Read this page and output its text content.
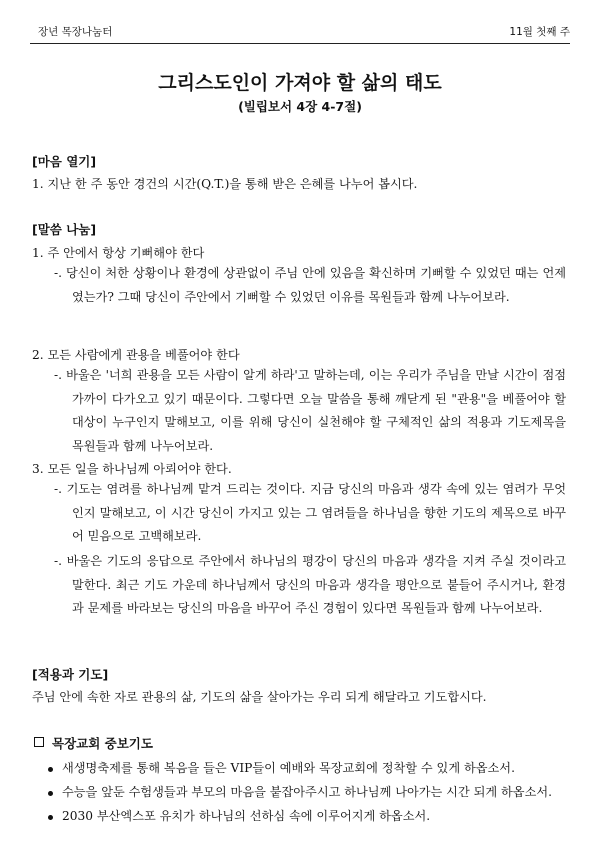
장년 목장나눔터	11월 첫째 주
그리스도인이 가져야 할 삶의 태도
(빌립보서 4장 4-7절)
[마음 열기]
1. 지난 한 주 동안 경건의 시간(Q.T.)을 통해 받은 은혜를 나누어 봅시다.
[말씀 나눔]
1. 주 안에서 항상 기뻐해야 한다
-. 당신이 처한 상황이나 환경에 상관없이 주님 안에 있음을 확신하며 기뻐할 수 있었던 때는 언제였는가? 그때 당신이 주안에서 기뻐할 수 있었던 이유를 목원들과 함께 나누어보라.
2. 모든 사람에게 관용을 베풀어야 한다
-. 바울은 '너희 관용을 모든 사람이 알게 하라'고 말하는데, 이는 우리가 주님을 만날 시간이 점점 가까이 다가오고 있기 때문이다. 그렇다면 오늘 말씀을 통해 깨닫게 된 "관용"을 베풀어야 할 대상이 누구인지 말해보고, 이를 위해 당신이 실천해야 할 구체적인 삶의 적용과 기도제목을 목원들과 함께 나누어보라.
3. 모든 일을 하나님께 아뢰어야 한다.
-. 기도는 염려를 하나님께 맡겨 드리는 것이다. 지금 당신의 마음과 생각 속에 있는 염려가 무엇인지 말해보고, 이 시간 당신이 가지고 있는 그 염려들을 하나님을 향한 기도의 제목으로 바꾸어 믿음으로 고백해보라.
-. 바울은 기도의 응답으로 주안에서 하나님의 평강이 당신의 마음과 생각을 지켜 주실 것이라고 말한다. 최근 기도 가운데 하나님께서 당신의 마음과 생각을 평안으로 붙들어 주시거나, 환경과 문제를 바라보는 당신의 마음을 바꾸어 주신 경험이 있다면 목원들과 함께 나누어보라.
[적용과 기도]
주님 안에 속한 자로 관용의 삶, 기도의 삶을 살아가는 우리 되게 해달라고 기도합시다.
목장교회 중보기도
새생명축제를 통해 복음을 들은 VIP들이 예배와 목장교회에 정착할 수 있게 하옵소서.
수능을 앞둔 수험생들과 부모의 마음을 붙잡아주시고 하나님께 나아가는 시간 되게 하옵소서.
2030 부산엑스포 유치가 하나님의 선하심 속에 이루어지게 하옵소서.
